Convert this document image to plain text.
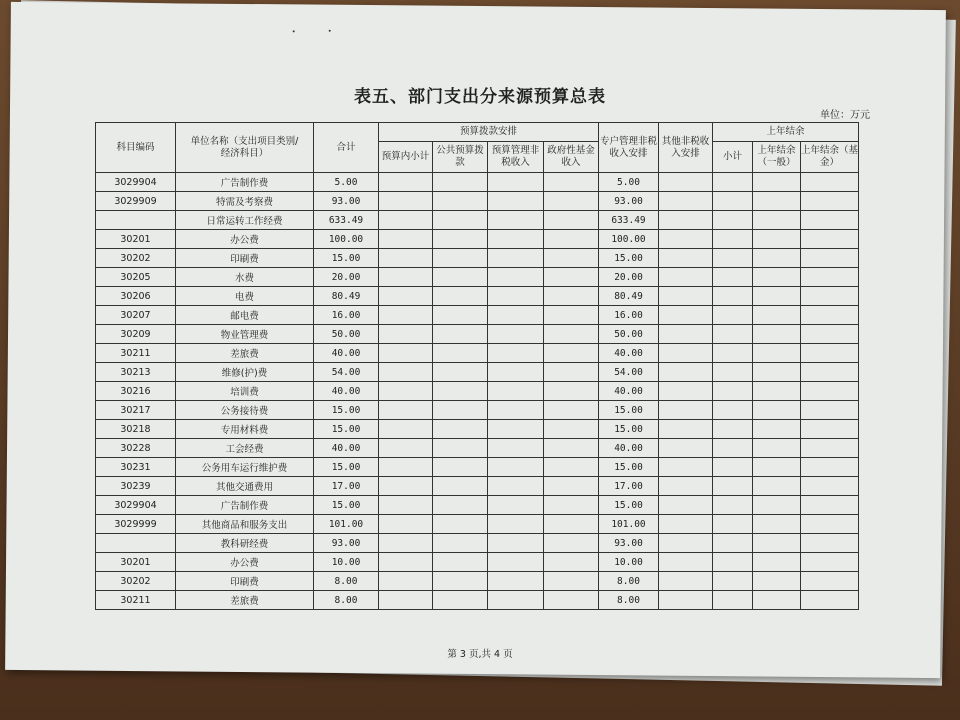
表五、部门支出分来源预算总表
单位：万元
科目编码	单位名称（支出项目类别/经济科目）	合计	预算拨款安排				专户管理非税收入安排	其他非税收入安排	上年结余		
			预算内小计	公共预算拨款	预算管理非税收入	政府性基金收入			小计	上年结余（一般）	上年结余（基金）
3029904	广告制作费	5.00					5.00				
3029909	特需及考察费	93.00					93.00				
	日常运转工作经费	633.49					633.49				
30201	办公费	100.00					100.00				
30202	印刷费	15.00					15.00				
30205	水费	20.00					20.00				
30206	电费	80.49					80.49				
30207	邮电费	16.00					16.00				
30209	物业管理费	50.00					50.00				
30211	差旅费	40.00					40.00				
30213	维修(护)费	54.00					54.00				
30216	培训费	40.00					40.00				
30217	公务接待费	15.00					15.00				
30218	专用材料费	15.00					15.00				
30228	工会经费	40.00					40.00				
30231	公务用车运行维护费	15.00					15.00				
30239	其他交通费用	17.00					17.00				
3029904	广告制作费	15.00					15.00				
3029999	其他商品和服务支出	101.00					101.00				
	教科研经费	93.00					93.00				
30201	办公费	10.00					10.00				
30202	印刷费	8.00					8.00				
30211	差旅费	8.00					8.00				
第 3 页,共 4 页
